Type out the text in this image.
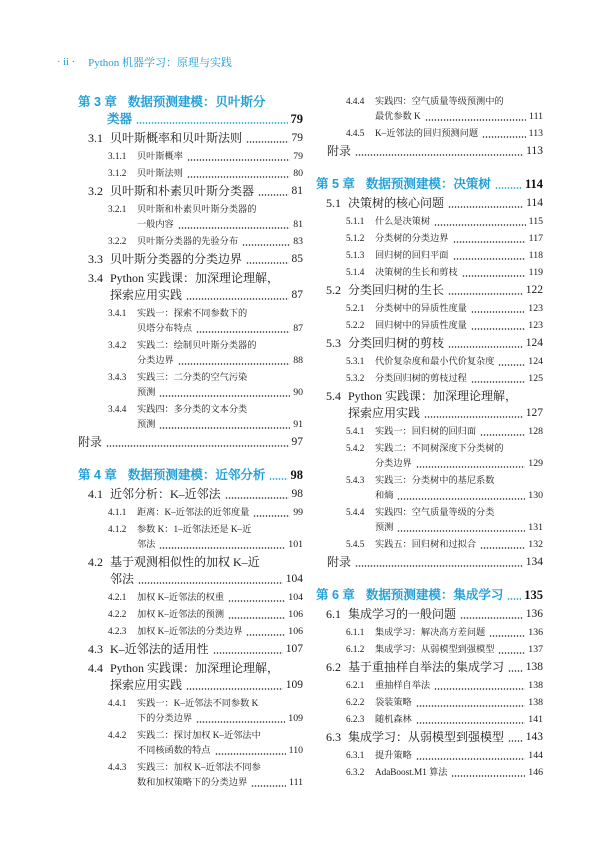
· ii · Python 机器学习：原理与实践
第 3 章 数据预测建模：贝叶斯分
类器	79
3.1 贝叶斯概率和贝叶斯法则	79
3.1.1	贝叶斯概率	79
3.1.2	贝叶斯法则	80
3.2 贝叶斯和朴素贝叶斯分类器	81
3.2.1	贝叶斯和朴素贝叶斯分类器的
一般内容	81
3.2.2	贝叶斯分类器的先验分布	83
3.3 贝叶斯分类器的分类边界	85
3.4 Python 实践课：加深理论理解，
探索应用实践	87
3.4.1	实践一：探索不同参数下的
贝塔分布特点	87
3.4.2	实践二：绘制贝叶斯分类器的
分类边界	88
3.4.3	实践三：二分类的空气污染
预测	90
3.4.4	实践四：多分类的文本分类
预测	91
附录	97
第 4 章 数据预测建模：近邻分析 98
4.1 近邻分析：K–近邻法	98
4.1.1	距离：K–近邻法的近邻度量	99
4.1.2	参数 K：1–近邻法还是 K–近
邻法	101
4.2 基于观测相似性的加权 K–近
邻法	104
4.2.1	加权 K–近邻法的权重	104
4.2.2	加权 K–近邻法的预测	106
4.2.3	加权 K–近邻法的分类边界	106
4.3 K–近邻法的适用性	107
4.4 Python 实践课：加深理论理解，
探索应用实践	109
4.4.1	实践一：K–近邻法不同参数 K
下的分类边界	109
4.4.2	实践二：探讨加权 K–近邻法中
不同核函数的特点	110
4.4.3	实践三：加权 K–近邻法不同参
数和加权策略下的分类边界	111
4.4.4	实践四：空气质量等级预测中的
最优参数 K	111
4.4.5	K–近邻法的回归预测问题	113
附录	113
第 5 章 数据预测建模：决策树	114
5.1 决策树的核心问题	114
5.1.1	什么是决策树	115
5.1.2	分类树的分类边界	117
5.1.3	回归树的回归平面	118
5.1.4	决策树的生长和剪枝	119
5.2 分类回归树的生长	122
5.2.1	分类树中的异质性度量	123
5.2.2	回归树中的异质性度量	123
5.3 分类回归树的剪枝	124
5.3.1	代价复杂度和最小代价复杂度	124
5.3.2	分类回归树的剪枝过程	125
5.4 Python 实践课：加深理论理解，
探索应用实践	127
5.4.1	实践一：回归树的回归面	128
5.4.2	实践二：不同树深度下分类树的
分类边界	129
5.4.3	实践三：分类树中的基尼系数
和熵	130
5.4.4	实践四：空气质量等级的分类
预测	131
5.4.5	实践五：回归树和过拟合	132
附录	134
第 6 章 数据预测建模：集成学习 135
6.1 集成学习的一般问题	136
6.1.1	集成学习：解决高方差问题	136
6.1.2	集成学习：从弱模型到强模型	137
6.2 基于重抽样自举法的集成学习 138
6.2.1	重抽样自举法	138
6.2.2	袋装策略	138
6.2.3	随机森林	141
6.3 集成学习：从弱模型到强模型 143
6.3.1	提升策略	144
6.3.2	AdaBoost.M1 算法	146
